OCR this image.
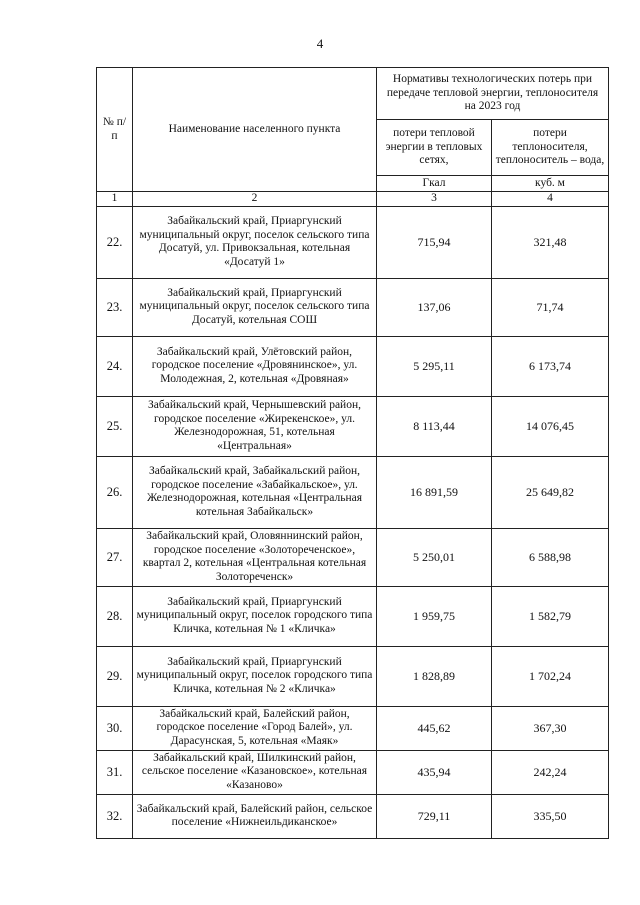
4
№ п/п	Наименование населенного пункта	Нормативы технологических потерь при передаче тепловой энергии, теплоносителя на 2023 год	
		потери тепловой энергии в тепловых сетях,	потери теплоносителя, теплоноситель – вода,
		Гкал	куб. м
1	2	3	4
22.	Забайкальский край, Приаргунский муниципальный округ, поселок сельского типа Досатуй, ул. Привокзальная, котельная «Досатуй 1»	715,94	321,48
23.	Забайкальский край, Приаргунский муниципальный округ, поселок сельского типа Досатуй, котельная СОШ	137,06	71,74
24.	Забайкальский край, Улётовский район, городское поселение «Дровянинское», ул. Молодежная, 2, котельная «Дровяная»	5 295,11	6 173,74
25.	Забайкальский край, Чернышевский район, городское поселение «Жирекенское», ул. Железнодорожная, 51, котельная «Центральная»	8 113,44	14 076,45
26.	Забайкальский край, Забайкальский район, городское поселение «Забайкальское», ул. Железнодорожная, котельная «Центральная котельная Забайкальск»	16 891,59	25 649,82
27.	Забайкальский край, Оловяннинский район, городское поселение «Золотореченское», квартал 2, котельная «Центральная котельная Золотореченск»	5 250,01	6 588,98
28.	Забайкальский край, Приаргунский муниципальный округ, поселок городского типа Кличка, котельная № 1 «Кличка»	1 959,75	1 582,79
29.	Забайкальский край, Приаргунский муниципальный округ, поселок городского типа Кличка, котельная № 2 «Кличка»	1 828,89	1 702,24
30.	Забайкальский край, Балейский район, городское поселение «Город Балей», ул. Дарасунская, 5, котельная «Маяк»	445,62	367,30
31.	Забайкальский край, Шилкинский район, сельское поселение «Казановское», котельная «Казаново»	435,94	242,24
32.	Забайкальский край, Балейский район, сельское поселение «Нижнеильдиканское»	729,11	335,50
